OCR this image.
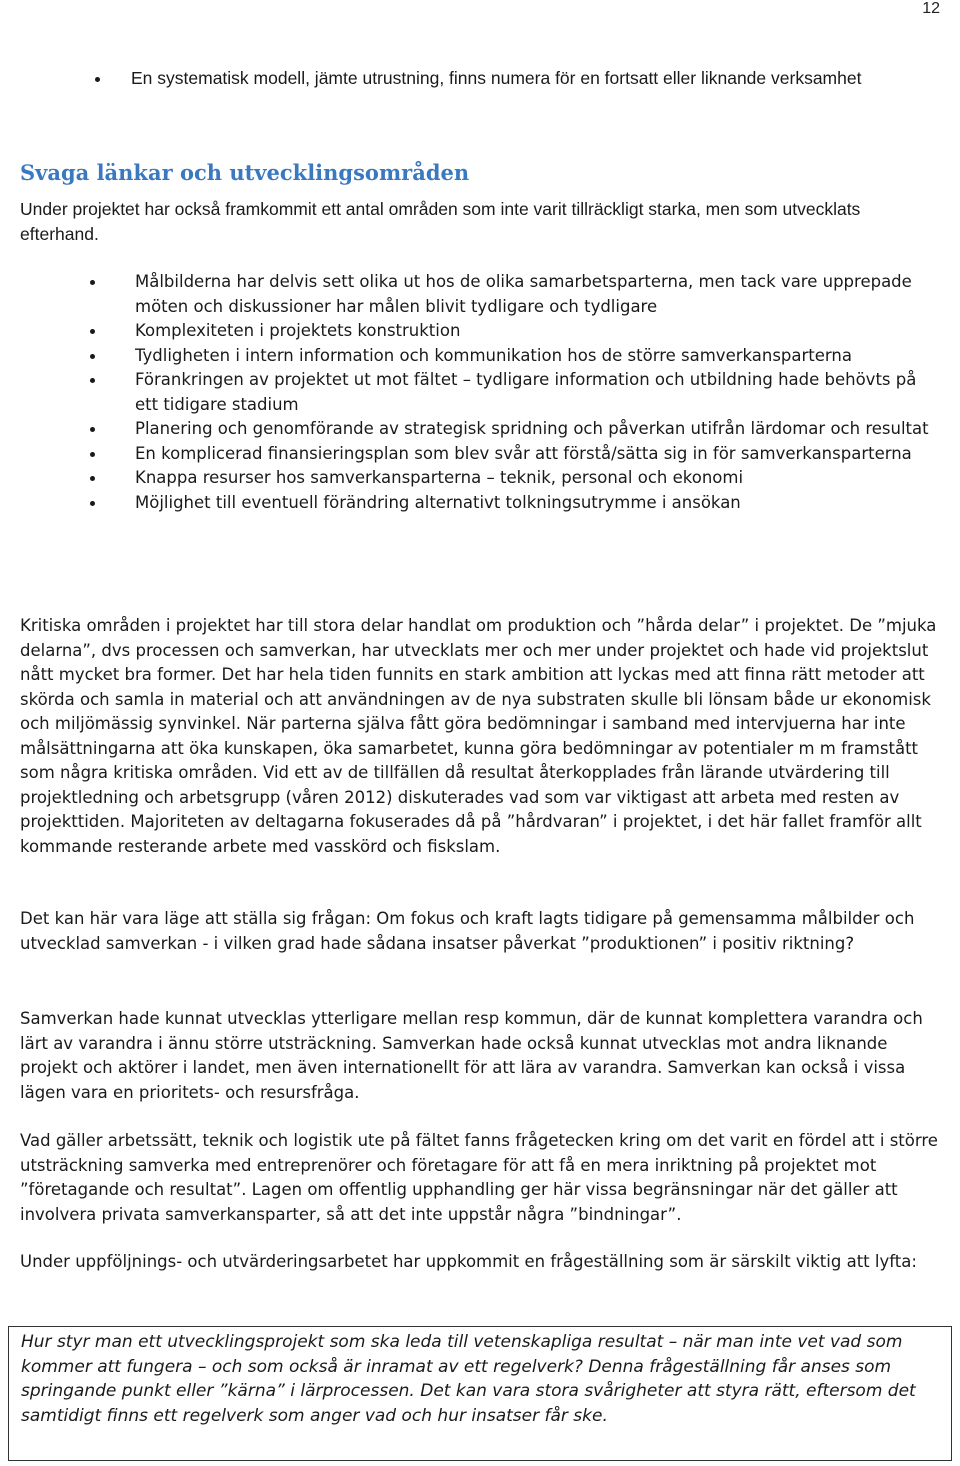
12
En systematisk modell, jämte utrustning, finns numera för en fortsatt eller liknande verksamhet
Svaga länkar och utvecklingsområden

Under projektet har också framkommit ett antal områden som inte varit tillräckligt starka, men som utvecklats efterhand.

Målbilderna har delvis sett olika ut hos de olika samarbetsparterna, men tack vare upprepade möten och diskussioner har målen blivit tydligare och tydligare
Komplexiteten i projektets konstruktion
Tydligheten i intern information och kommunikation hos de större samverkansparterna
Förankringen av projektet ut mot fältet – tydligare information och utbildning hade behövts på ett tidigare stadium
Planering och genomförande av strategisk spridning och påverkan utifrån lärdomar och resultat
En komplicerad finansieringsplan som blev svår att förstå/sätta sig in för samverkansparterna
Knappa resurser hos samverkansparterna – teknik, personal och ekonomi
Möjlighet till eventuell förändring alternativt tolkningsutrymme i ansökan

Kritiska områden i projektet har till stora delar handlat om produktion och ”hårda delar” i projektet. De ”mjuka delarna”, dvs processen och samverkan, har utvecklats mer och mer under projektet och hade vid projektslut nått mycket bra former. Det har hela tiden funnits en stark ambition att lyckas med att finna rätt metoder att skörda och samla in material och att användningen av de nya substraten skulle bli lönsam både ur ekonomisk och miljömässig synvinkel. När parterna själva fått göra bedömningar i samband med intervjuerna har inte målsättningarna att öka kunskapen, öka samarbetet, kunna göra bedömningar av potentialer m m framstått som några kritiska områden. Vid ett av de tillfällen då resultat återkopplades från lärande utvärdering till projektledning och arbetsgrupp (våren 2012) diskuterades vad som var viktigast att arbeta med resten av projekttiden. Majoriteten av deltagarna fokuserades då på ”hårdvaran” i projektet, i det här fallet framför allt kommande resterande arbete med vasskörd och fiskslam.

Det kan här vara läge att ställa sig frågan: Om fokus och kraft lagts tidigare på gemensamma målbilder och utvecklad samverkan - i vilken grad hade sådana insatser påverkat ”produktionen” i positiv riktning?

Samverkan hade kunnat utvecklas ytterligare mellan resp kommun, där de kunnat komplettera varandra och lärt av varandra i ännu större utsträckning. Samverkan hade också kunnat utvecklas mot andra liknande projekt och aktörer i landet, men även internationellt för att lära av varandra. Samverkan kan också i vissa lägen vara en prioritets- och resursfråga.

Vad gäller arbetssätt, teknik och logistik ute på fältet fanns frågetecken kring om det varit en fördel att i större utsträckning samverka med entreprenörer och företagare för att få en mera inriktning på projektet mot ”företagande och resultat”. Lagen om offentlig upphandling ger här vissa begränsningar när det gäller att involvera privata samverkansparter, så att det inte uppstår några ”bindningar”.

Under uppföljnings- och utvärderingsarbetet har uppkommit en frågeställning som är särskilt viktig att lyfta:

Hur styr man ett utvecklingsprojekt som ska leda till vetenskapliga resultat – när man inte vet vad som kommer att fungera – och som också är inramat av ett regelverk? Denna frågeställning får anses som springande punkt eller ”kärna” i lärprocessen. Det kan vara stora svårigheter att styra rätt, eftersom det samtidigt finns ett regelverk som anger vad och hur insatser får ske.
